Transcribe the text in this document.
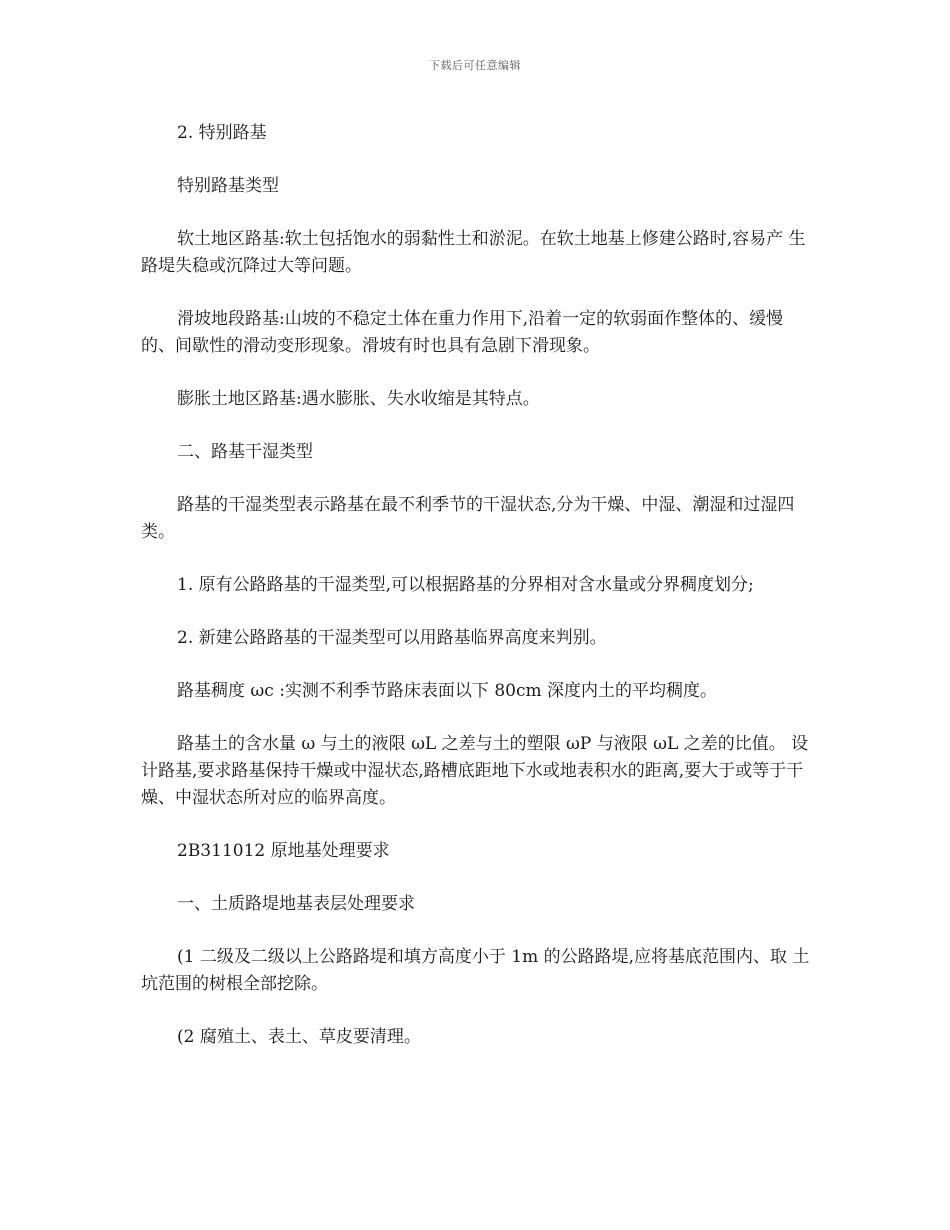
下载后可任意编辑

2. 特别路基

特别路基类型

软土地区路基:软土包括饱水的弱黏性土和淤泥。在软土地基上修建公路时,容易产 生路堤失稳或沉降过大等问题。

滑坡地段路基:山坡的不稳定土体在重力作用下,沿着一定的软弱面作整体的、缓慢 的、间歇性的滑动变形现象。滑坡有时也具有急剧下滑现象。

膨胀土地区路基:遇水膨胀、失水收缩是其特点。

二、路基干湿类型

路基的干湿类型表示路基在最不利季节的干湿状态,分为干燥、中湿、潮湿和过湿四 类。

1. 原有公路路基的干湿类型,可以根据路基的分界相对含水量或分界稠度划分;

2. 新建公路路基的干湿类型可以用路基临界高度来判别。

路基稠度 ωc :实测不利季节路床表面以下 80cm 深度内土的平均稠度。

路基土的含水量 ω 与土的液限 ωL 之差与土的塑限 ωP 与液限 ωL 之差的比值。 设计路基,要求路基保持干燥或中湿状态,路槽底距地下水或地表积水的距离,要大于或等于干燥、中湿状态所对应的临界高度。

2B311012 原地基处理要求

一、土质路堤地基表层处理要求

(1 二级及二级以上公路路堤和填方高度小于 1m 的公路路堤,应将基底范围内、取 土坑范围的树根全部挖除。

(2 腐殖土、表土、草皮要清理。
